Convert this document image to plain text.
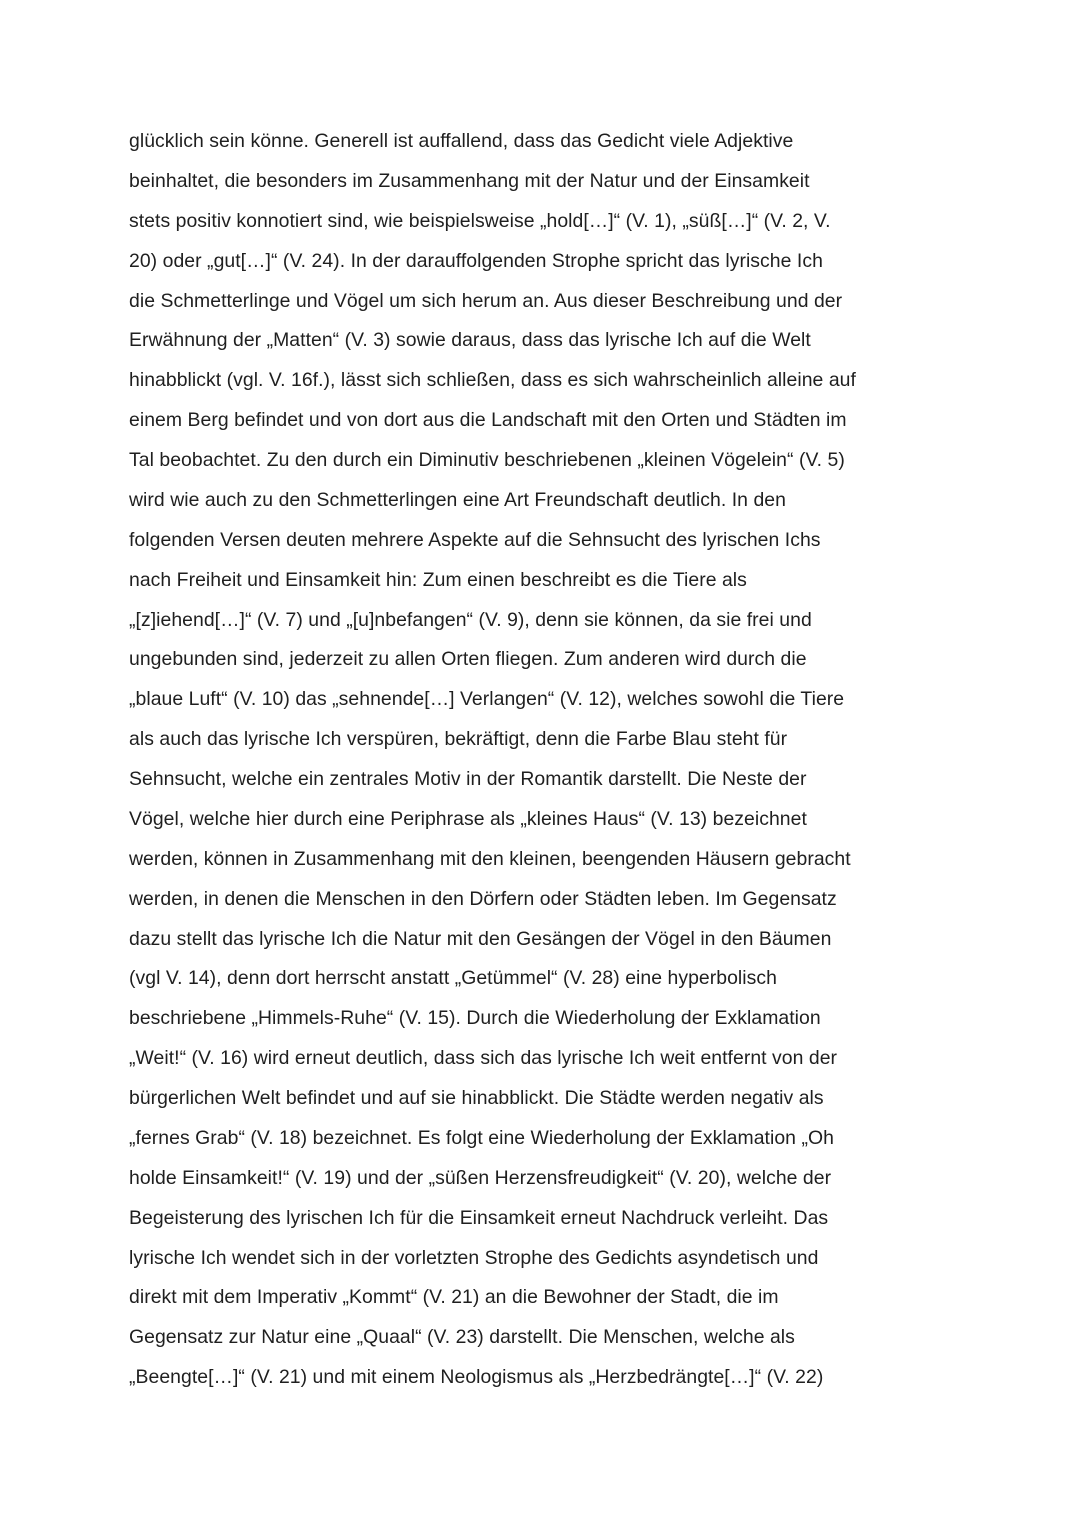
glücklich sein könne. Generell ist auffallend, dass das Gedicht viele Adjektive
beinhaltet, die besonders im Zusammenhang mit der Natur und der Einsamkeit
stets positiv konnotiert sind, wie beispielsweise „hold[…]“ (V. 1), „süß[…]“ (V. 2, V.
20) oder „gut[…]“ (V. 24). In der darauffolgenden Strophe spricht das lyrische Ich
die Schmetterlinge und Vögel um sich herum an. Aus dieser Beschreibung und der
Erwähnung der „Matten“ (V. 3) sowie daraus, dass das lyrische Ich auf die Welt
hinabblickt (vgl. V. 16f.), lässt sich schließen, dass es sich wahrscheinlich alleine auf
einem Berg befindet und von dort aus die Landschaft mit den Orten und Städten im
Tal beobachtet. Zu den durch ein Diminutiv beschriebenen „kleinen Vögelein“ (V. 5)
wird wie auch zu den Schmetterlingen eine Art Freundschaft deutlich. In den
folgenden Versen deuten mehrere Aspekte auf die Sehnsucht des lyrischen Ichs
nach Freiheit und Einsamkeit hin: Zum einen beschreibt es die Tiere als
„[z]iehend[…]“ (V. 7) und „[u]nbefangen“ (V. 9), denn sie können, da sie frei und
ungebunden sind, jederzeit zu allen Orten fliegen. Zum anderen wird durch die
„blaue Luft“ (V. 10) das „sehnende[…] Verlangen“ (V. 12), welches sowohl die Tiere
als auch das lyrische Ich verspüren, bekräftigt, denn die Farbe Blau steht für
Sehnsucht, welche ein zentrales Motiv in der Romantik darstellt. Die Neste der
Vögel, welche hier durch eine Periphrase als „kleines Haus“ (V. 13) bezeichnet
werden, können in Zusammenhang mit den kleinen, beengenden Häusern gebracht
werden, in denen die Menschen in den Dörfern oder Städten leben. Im Gegensatz
dazu stellt das lyrische Ich die Natur mit den Gesängen der Vögel in den Bäumen
(vgl V. 14), denn dort herrscht anstatt „Getümmel“ (V. 28) eine hyperbolisch
beschriebene „Himmels-Ruhe“ (V. 15). Durch die Wiederholung der Exklamation
„Weit!“ (V. 16) wird erneut deutlich, dass sich das lyrische Ich weit entfernt von der
bürgerlichen Welt befindet und auf sie hinabblickt. Die Städte werden negativ als
„fernes Grab“ (V. 18) bezeichnet. Es folgt eine Wiederholung der Exklamation „Oh
holde Einsamkeit!“ (V. 19) und der „süßen Herzensfreudigkeit“ (V. 20), welche der
Begeisterung des lyrischen Ich für die Einsamkeit erneut Nachdruck verleiht. Das
lyrische Ich wendet sich in der vorletzten Strophe des Gedichts asyndetisch und
direkt mit dem Imperativ „Kommt“ (V. 21) an die Bewohner der Stadt, die im
Gegensatz zur Natur eine „Quaal“ (V. 23) darstellt. Die Menschen, welche als
„Beengte[…]“ (V. 21) und mit einem Neologismus als „Herzbedrängte[…]“ (V. 22)
